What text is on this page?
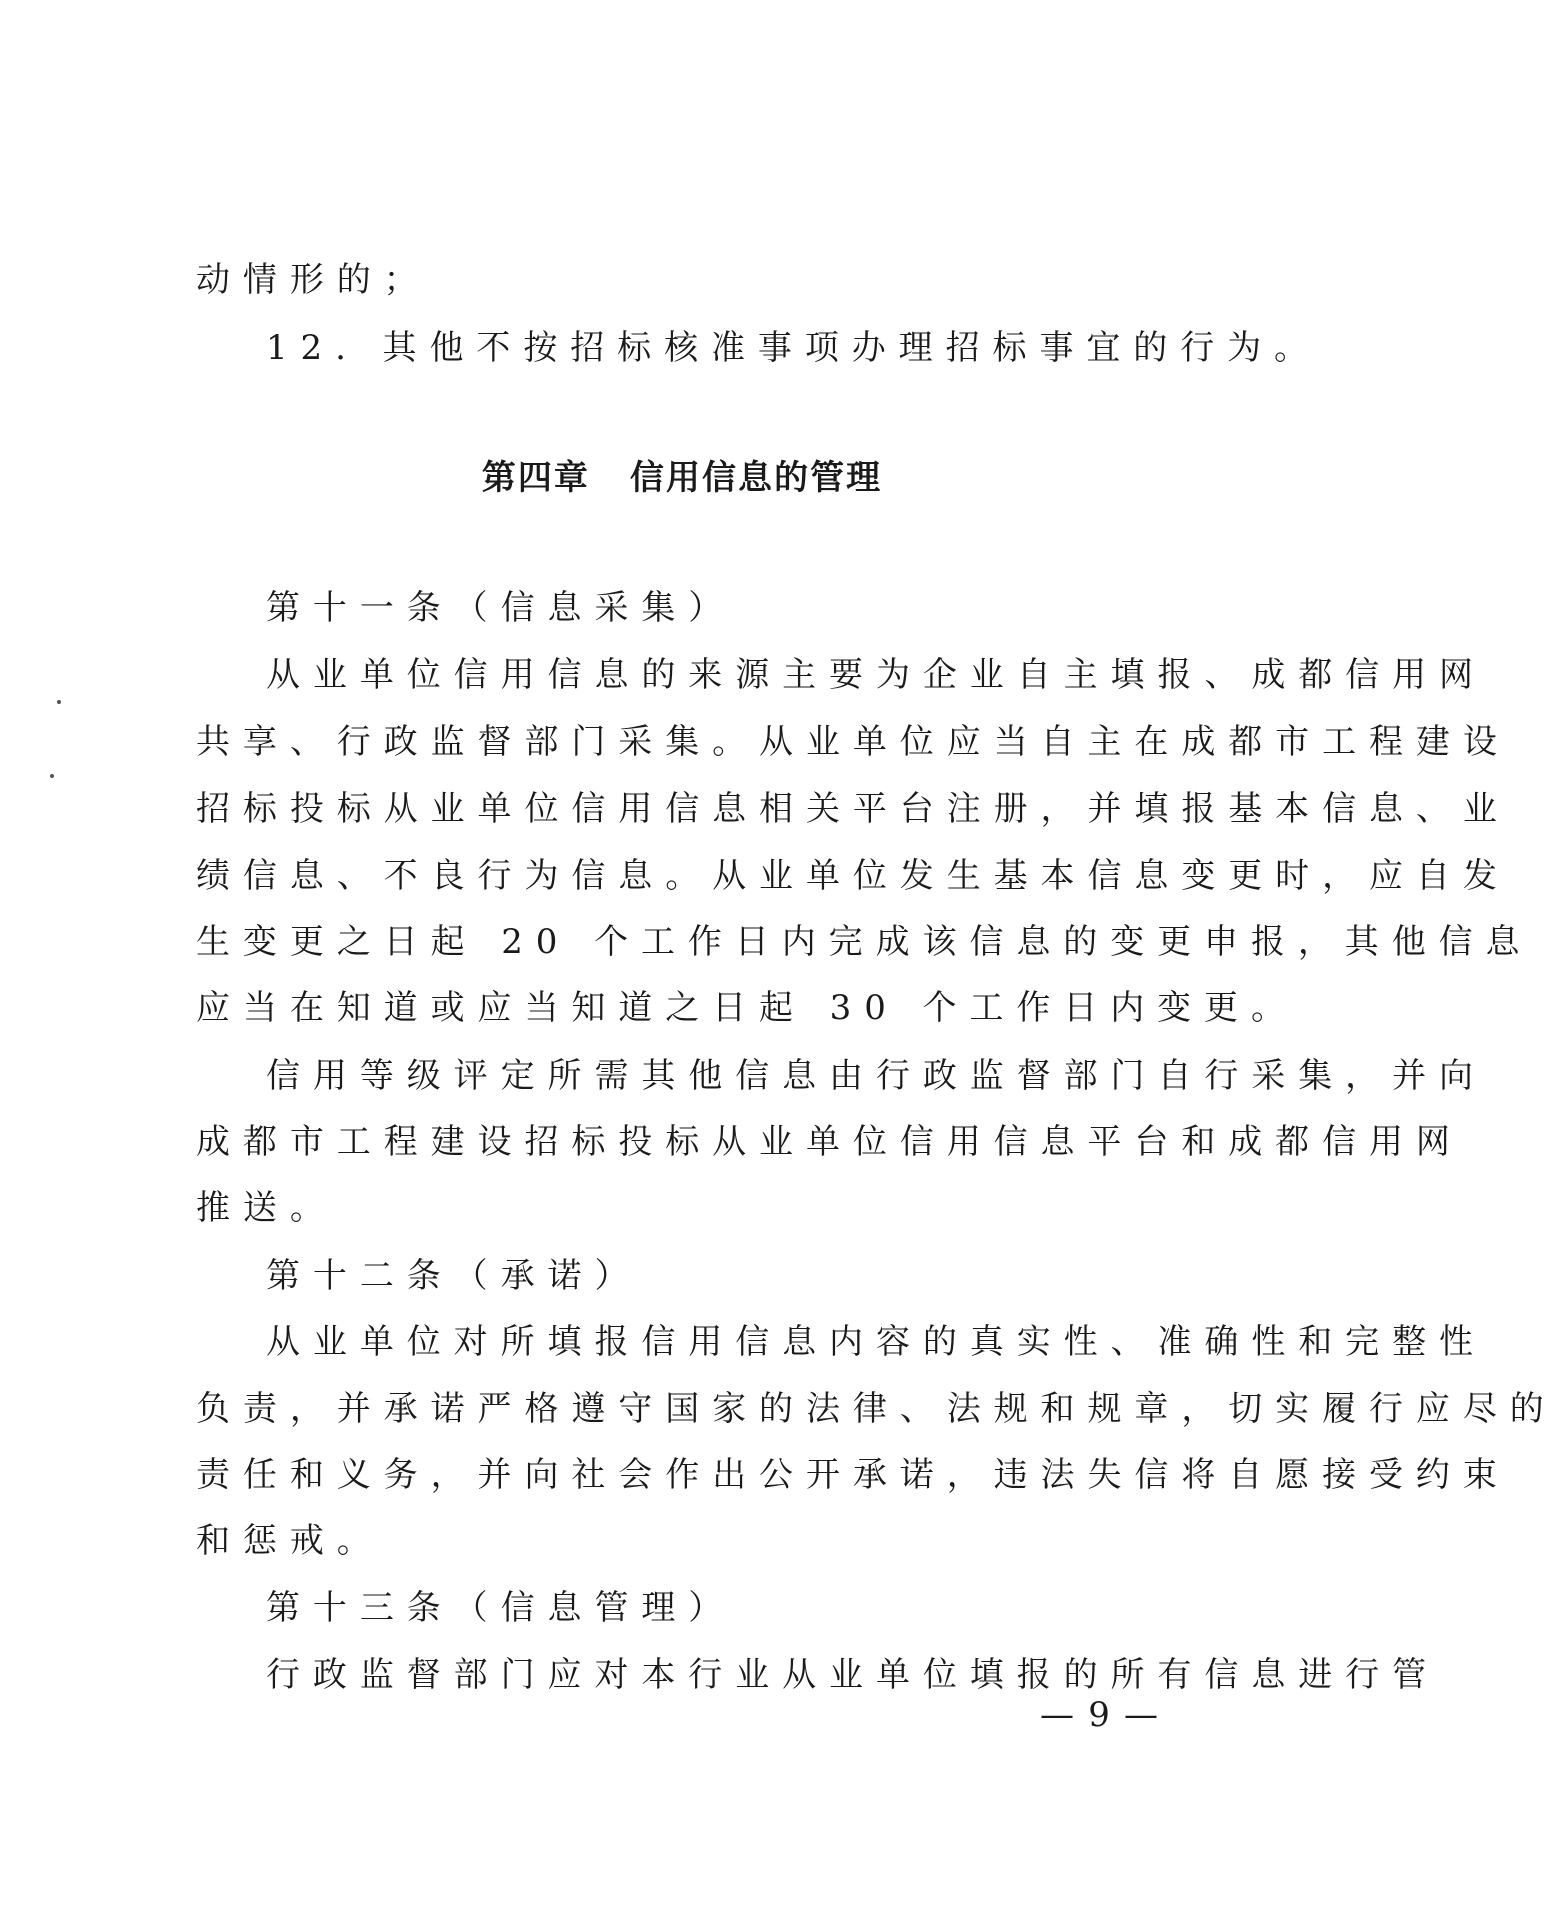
动情形的；
12. 其他不按招标核准事项办理招标事宜的行为。
第四章 信用信息的管理
第十一条（信息采集）
从业单位信用信息的来源主要为企业自主填报、成都信用网
共享、行政监督部门采集。从业单位应当自主在成都市工程建设
招标投标从业单位信用信息相关平台注册，并填报基本信息、业
绩信息、不良行为信息。从业单位发生基本信息变更时，应自发
生变更之日起 20 个工作日内完成该信息的变更申报，其他信息
应当在知道或应当知道之日起 30 个工作日内变更。
信用等级评定所需其他信息由行政监督部门自行采集，并向
成都市工程建设招标投标从业单位信用信息平台和成都信用网
推送。
第十二条（承诺）
从业单位对所填报信用信息内容的真实性、准确性和完整性
负责，并承诺严格遵守国家的法律、法规和规章，切实履行应尽的
责任和义务，并向社会作出公开承诺，违法失信将自愿接受约束
和惩戒。
第十三条（信息管理）
行政监督部门应对本行业从业单位填报的所有信息进行管
— 9 —
